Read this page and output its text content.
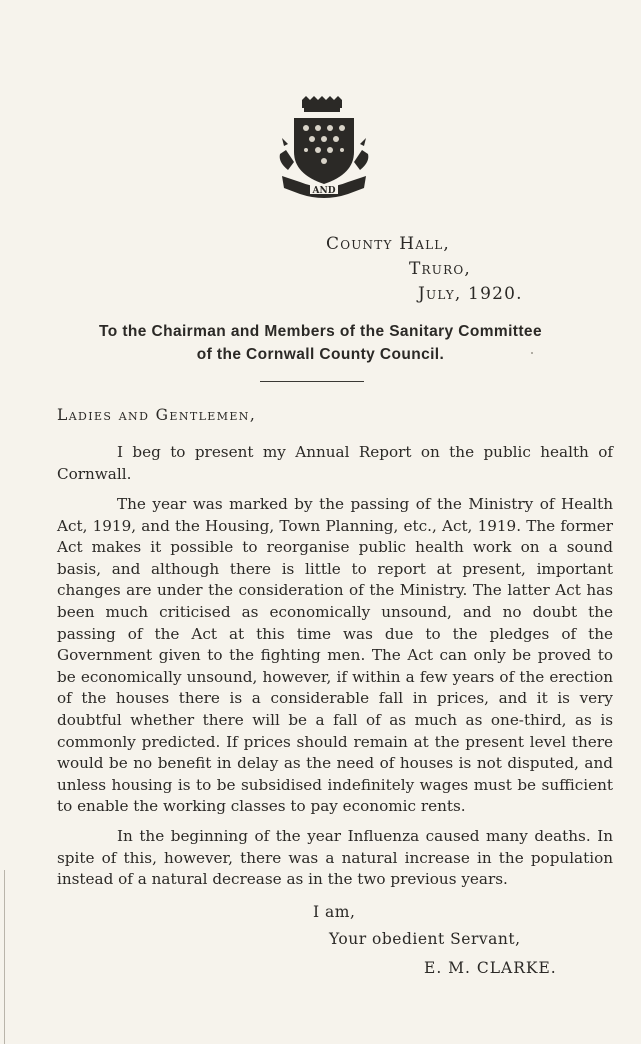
AND
County Hall,
Truro,
July, 1920.
To the Chairman and Members of the Sanitary Committee
of the Cornwall County Council.
Ladies and Gentlemen,

I beg to present my Annual Report on the public health of Cornwall.

The year was marked by the passing of the Ministry of Health Act, 1919, and the Housing, Town Planning, etc., Act, 1919. The former Act makes it possible to reorganise public health work on a sound basis, and although there is little to report at present, important changes are under the consideration of the Ministry. The latter Act has been much criticised as economically unsound, and no doubt the passing of the Act at this time was due to the pledges of the Government given to the fighting men. The Act can only be proved to be economically unsound, however, if within a few years of the erection of the houses there is a considerable fall in prices, and it is very doubtful whether there will be a fall of as much as one-third, as is commonly predicted. If prices should remain at the present level there would be no benefit in delay as the need of houses is not disputed, and unless housing is to be subsidised indefinitely wages must be sufficient to enable the working classes to pay economic rents.

In the beginning of the year Influenza caused many deaths. In spite of this, however, there was a natural increase in the population instead of a natural decrease as in the two previous years.

I am,
Your obedient Servant,
E. M. CLARKE.
